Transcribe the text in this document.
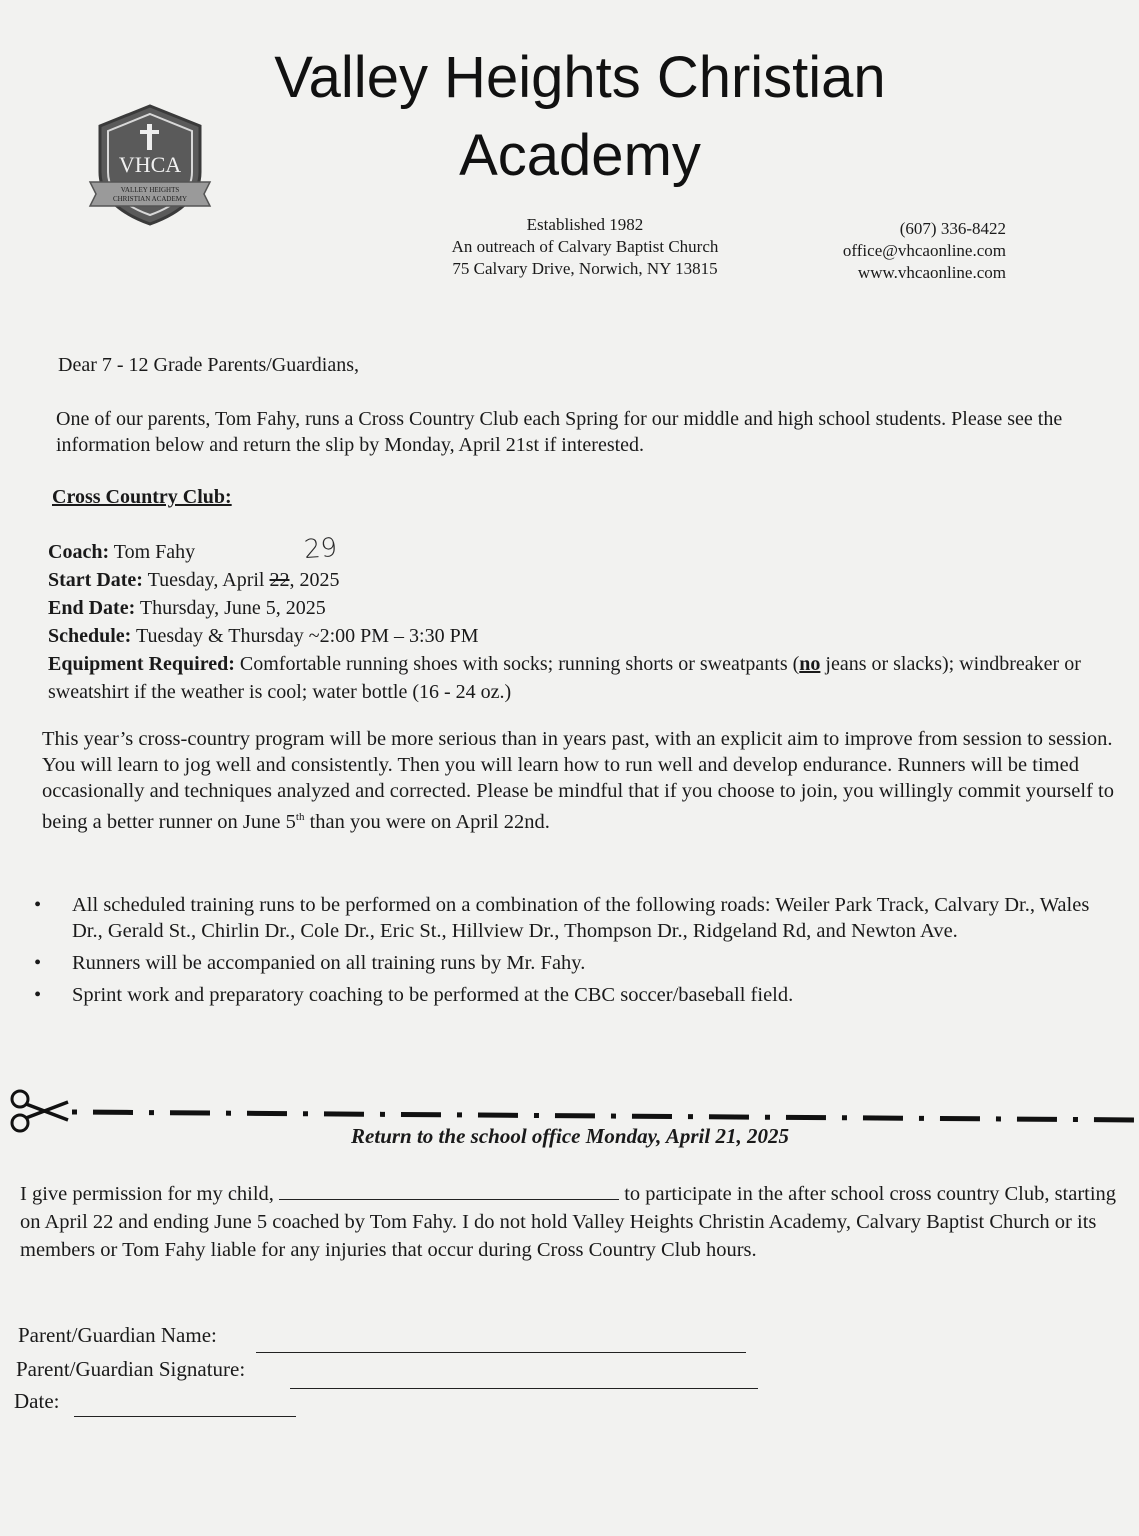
Valley Heights Christian
Academy
VHCA
VALLEY HEIGHTS
CHRISTIAN ACADEMY
Established 1982
An outreach of Calvary Baptist Church
75 Calvary Drive, Norwich, NY 13815
(607) 336-8422
office@vhcaonline.com
www.vhcaonline.com
Dear 7 - 12 Grade Parents/Guardians,
One of our parents, Tom Fahy, runs a Cross Country Club each Spring for our middle and high school students. Please see the information below and return the slip by Monday, April 21st if interested.
Cross Country Club:
29
Coach: Tom Fahy
Start Date: Tuesday, April 22, 2025
End Date: Thursday, June 5, 2025
Schedule: Tuesday & Thursday ~2:00 PM – 3:30 PM
Equipment Required: Comfortable running shoes with socks; running shorts or sweatpants (no jeans or slacks); windbreaker or sweatshirt if the weather is cool; water bottle (16 - 24 oz.)
This year’s cross-country program will be more serious than in years past, with an explicit aim to improve from session to session. You will learn to jog well and consistently. Then you will learn how to run well and develop endurance. Runners will be timed occasionally and techniques analyzed and corrected. Please be mindful that if you choose to join, you willingly commit yourself to being a better runner on June 5th than you were on April 22nd.
• All scheduled training runs to be performed on a combination of the following roads: Weiler Park Track, Calvary Dr., Wales Dr., Gerald St., Chirlin Dr., Cole Dr., Eric St., Hillview Dr., Thompson Dr., Ridgeland Rd, and Newton Ave.
• Runners will be accompanied on all training runs by Mr. Fahy.
• Sprint work and preparatory coaching to be performed at the CBC soccer/baseball field.
Return to the school office Monday, April 21, 2025
I give permission for my child,	to participate in the after school cross country Club, starting on April 22 and ending June 5 coached by Tom Fahy. I do not hold Valley Heights Christin Academy, Calvary Baptist Church or its members or Tom Fahy liable for any injuries that occur during Cross Country Club hours.
Parent/Guardian Name:
Parent/Guardian Signature:
Date:
